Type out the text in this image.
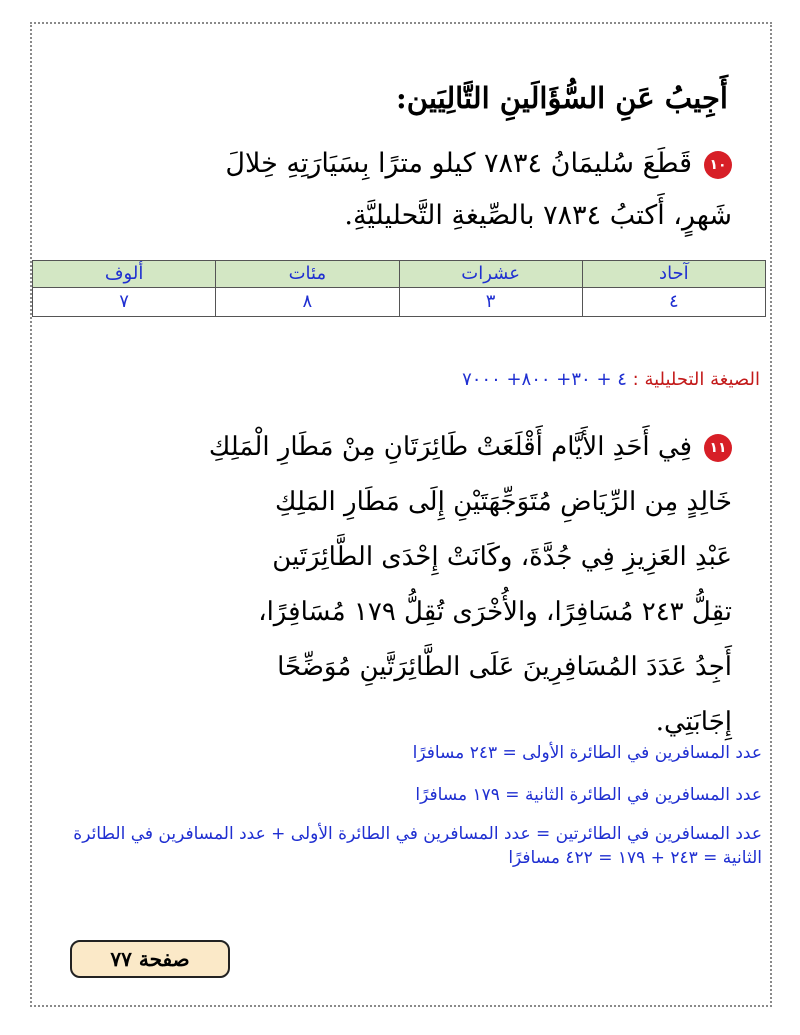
أَجِيبُ عَنِ السُّؤَالَينِ التَّالِيَين:
١٠قَطَعَ سُليمَانُ ٧٨٣٤ كيلو مترًا بِسَيَارَتِهِ خِلالَ
شَهرٍ، أَكتبُ ٧٨٣٤ بالصِّيغةِ التَّحليليَّةِ.
آحاد	عشرات	مئات	ألوف
٤	٣	٨	٧
الصيغة التحليلية : ٤ + ٣٠+ ٨٠٠+ ٧٠٠٠

١١فِي أَحَدِ الأَيَّام أَقْلَعَتْ طَائِرَتَانِ مِنْ مَطَارِ الْمَلِكِ

خَالِدٍ مِن الرِّيَاضِ مُتَوَجِّهَتَيْنِ إِلَى مَطَارِ المَلِكِ

عَبْدِ العَزِيزِ فِي جُدَّةَ، وكَانَتْ إِحْدَى الطَّائِرَتَين

تقِلُّ ٢٤٣ مُسَافِرًا، والأُخْرَى تُقِلُّ ١٧٩ مُسَافِرًا،

أَجِدُ عَدَدَ المُسَافِرِينَ عَلَى الطَّائِرَتَّينِ مُوَضِّحًا

إِجَابَتِي.

عدد المسافرين في الطائرة الأولى = ٢٤٣ مسافرًا

عدد المسافرين في الطائرة الثانية = ١٧٩ مسافرًا

عدد المسافرين في الطائرتين = عدد المسافرين في الطائرة الأولى + عدد المسافرين في الطائرة الثانية = ٢٤٣ + ١٧٩ = ٤٢٢ مسافرًا

صفحة ٧٧
